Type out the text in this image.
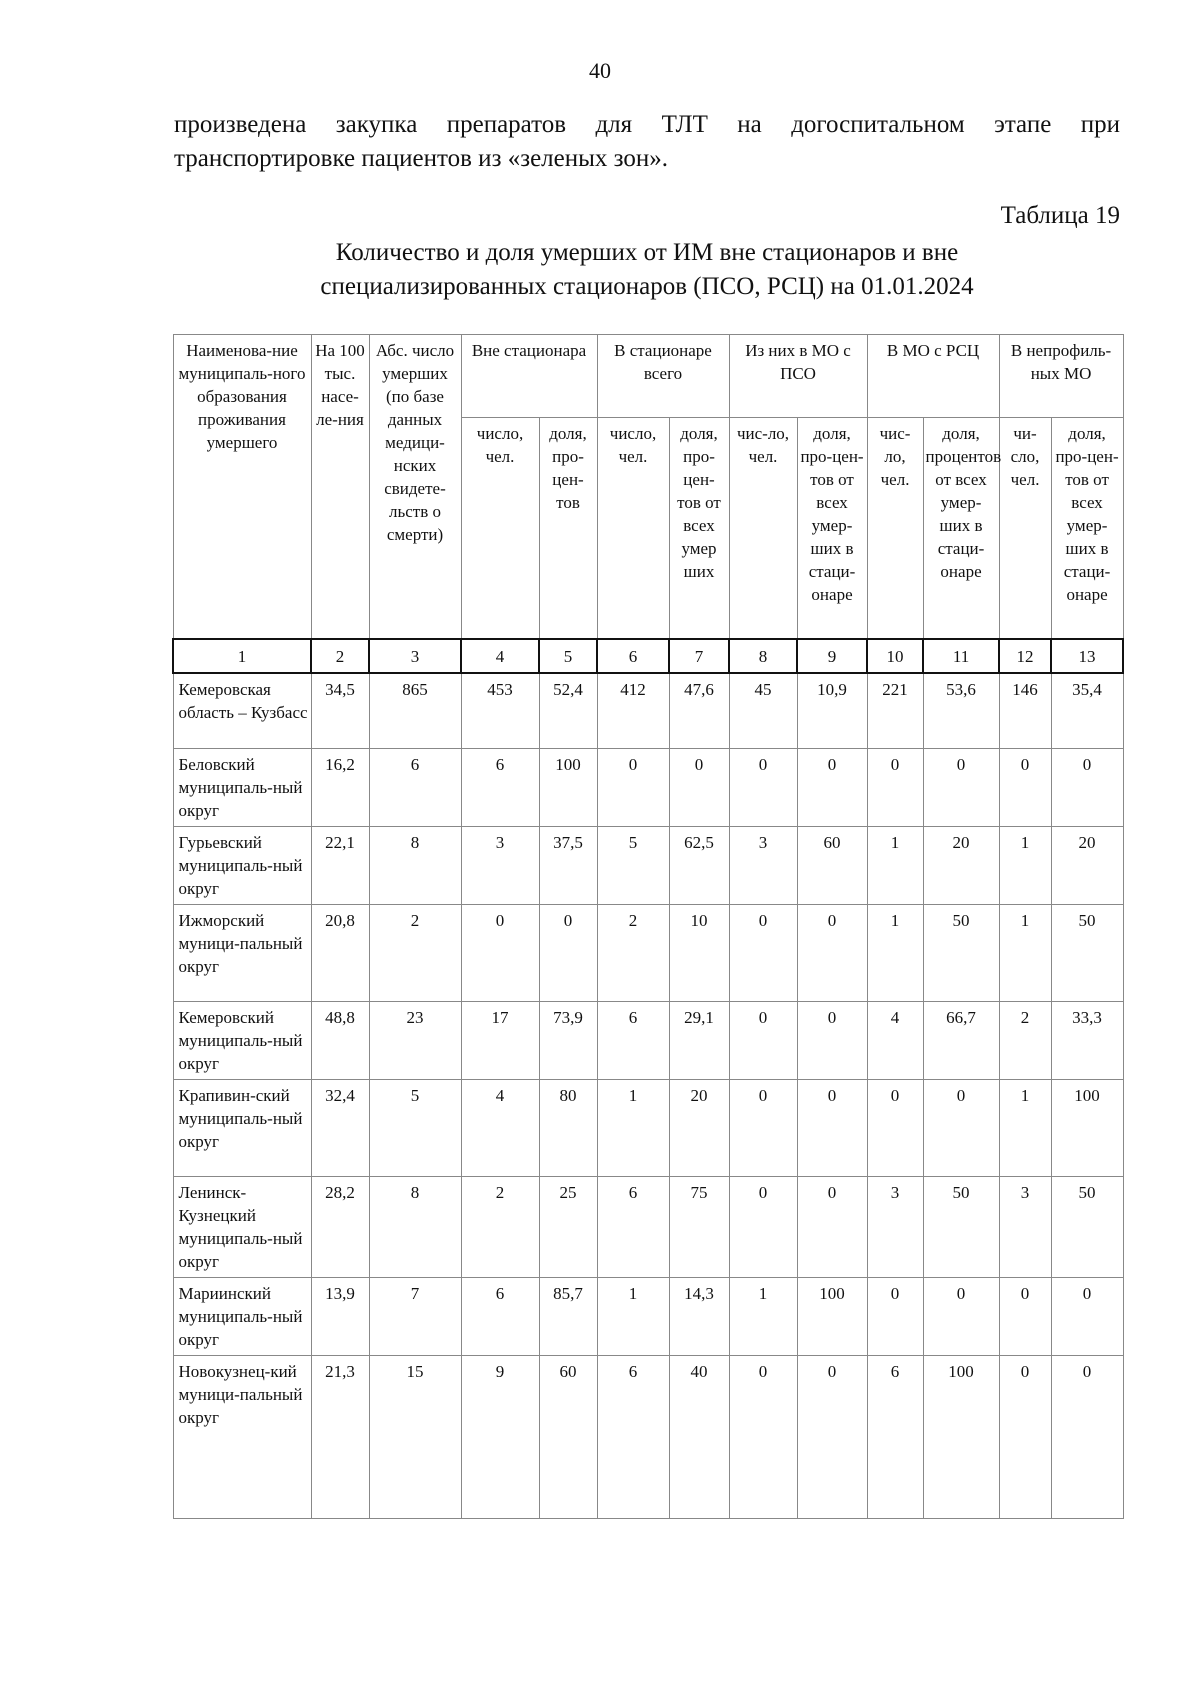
40
произведена закупка препаратов для ТЛТ на догоспитальном этапе при
транспортировке пациентов из «зеленых зон».
Таблица 19
Количество и доля умерших от ИМ вне стационаров и вне
специализированных стационаров (ПСО, РСЦ) на 01.01.2024
Наименова-ние муниципаль-ного образования проживания умершего	На 100 тыс. насе-ле-ния	Абс. число умерших (по базе данных медици-нских свидете-льств о смерти)	Вне стационара		В стационаре всего		Из них в МО с ПСО		В МО с РСЦ		В непрофиль-ных МО	
			число, чел.	доля, про-цен-тов	число, чел.	доля, про-цен-тов от всех умер ших	чис-ло, чел.	доля, про-цен-тов от всех умер-ших в стаци-онаре	чис-ло, чел.	доля, процентов от всех умер-ших в стаци-онаре	чи-сло, чел.	доля, про-цен-тов от всех умер-ших в стаци-онаре
1	2	3	4	5	6	7	8	9	10	11	12	13
Кемеровская область – Кузбасс	34,5	865	453	52,4	412	47,6	45	10,9	221	53,6	146	35,4
Беловский муниципаль-ный округ	16,2	6	6	100	0	0	0	0	0	0	0	0
Гурьевский муниципаль-ный округ	22,1	8	3	37,5	5	62,5	3	60	1	20	1	20
Ижморский муници-пальный округ	20,8	2	0	0	2	10	0	0	1	50	1	50
Кемеровский муниципаль-ный округ	48,8	23	17	73,9	6	29,1	0	0	4	66,7	2	33,3
Крапивин-ский муниципаль-ный округ	32,4	5	4	80	1	20	0	0	0	0	1	100
Ленинск-Кузнецкий муниципаль-ный округ	28,2	8	2	25	6	75	0	0	3	50	3	50
Мариинский муниципаль-ный округ	13,9	7	6	85,7	1	14,3	1	100	0	0	0	0
Новокузнец-кий муници-пальный округ	21,3	15	9	60	6	40	0	0	6	100	0	0
